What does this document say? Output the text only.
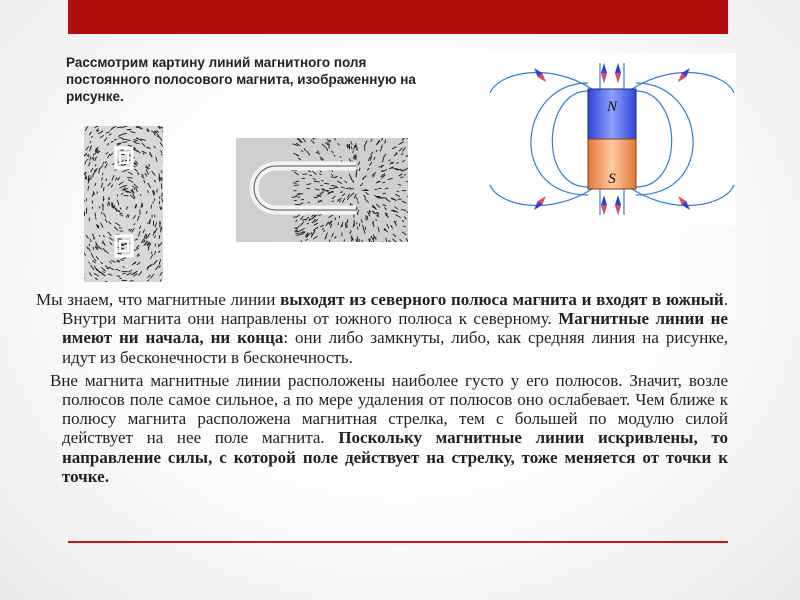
Рассмотрим картину линий магнитного поля постоянного полосового магнита, изображенную на рисунке.
N
S

Мы знаем, что магнитные линии выходят из северного полюса магнита и входят в южный. Внутри магнита они направлены от южного полюса к северному. Магнитные линии не имеют ни начала, ни конца: они либо замкнуты, либо, как средняя линия на рисунке, идут из бесконечности в бесконечность.

Вне магнита магнитные линии расположены наиболее густо у его полюсов. Значит, возле полюсов поле самое сильное, а по мере удаления от полюсов оно ослабевает. Чем ближе к полюсу магнита расположена магнитная стрелка, тем с большей по модулю силой действует на нее поле магнита. Поскольку магнитные линии искривлены, то направление силы, с которой поле действует на стрелку, тоже меняется от точки к точке.
